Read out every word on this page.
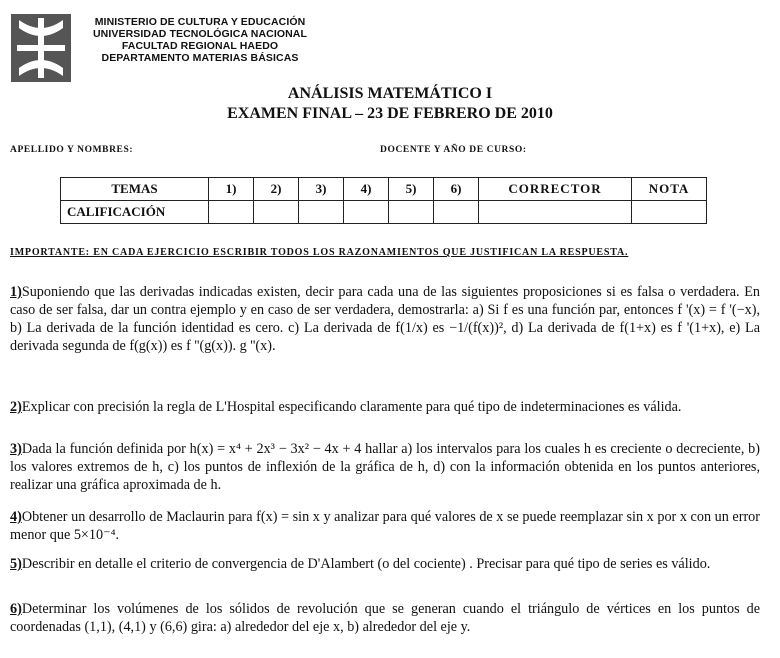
MINISTERIO DE CULTURA Y EDUCACIÓN
UNIVERSIDAD TECNOLÓGICA NACIONAL
FACULTAD REGIONAL HAEDO
DEPARTAMENTO MATERIAS BÁSICAS
ANÁLISIS MATEMÁTICO I
EXAMEN FINAL – 23 DE FEBRERO DE 2010
APELLIDO Y NOMBRES:	DOCENTE Y AÑO DE CURSO:
TEMAS	1)	2)	3)	4)	5)	6)	CORRECTOR	NOTA
CALIFICACIÓN								
IMPORTANTE: EN CADA EJERCICIO ESCRIBIR TODOS LOS RAZONAMIENTOS QUE JUSTIFICAN LA RESPUESTA.
1)Suponiendo que las derivadas indicadas existen, decir para cada una de las siguientes proposiciones si es falsa o verdadera. En caso de ser falsa, dar un contra ejemplo y en caso de ser verdadera, demostrarla: a) Si f es una función par, entonces f '(x) = f '(−x), b) La derivada de la función identidad es cero. c) La derivada de f(1/x) es −1/(f(x))², d) La derivada de f(1+x) es f '(1+x), e) La derivada segunda de f(g(x)) es f ''(g(x)). g ''(x).
2)Explicar con precisión la regla de L'Hospital especificando claramente para qué tipo de indeterminaciones es válida.
3)Dada la función definida por h(x) = x⁴ + 2x³ − 3x² − 4x + 4 hallar a) los intervalos para los cuales h es creciente o decreciente, b) los valores extremos de h, c) los puntos de inflexión de la gráfica de h, d) con la información obtenida en los puntos anteriores, realizar una gráfica aproximada de h.
4)Obtener un desarrollo de Maclaurin para f(x) = sin x y analizar para qué valores de x se puede reemplazar sin x por x con un error menor que 5×10⁻⁴.
5)Describir en detalle el criterio de convergencia de D'Alambert (o del cociente) . Precisar para qué tipo de series es válido.
6)Determinar los volúmenes de los sólidos de revolución que se generan cuando el triángulo de vértices en los puntos de coordenadas (1,1), (4,1) y (6,6) gira: a) alrededor del eje x, b) alrededor del eje y.
